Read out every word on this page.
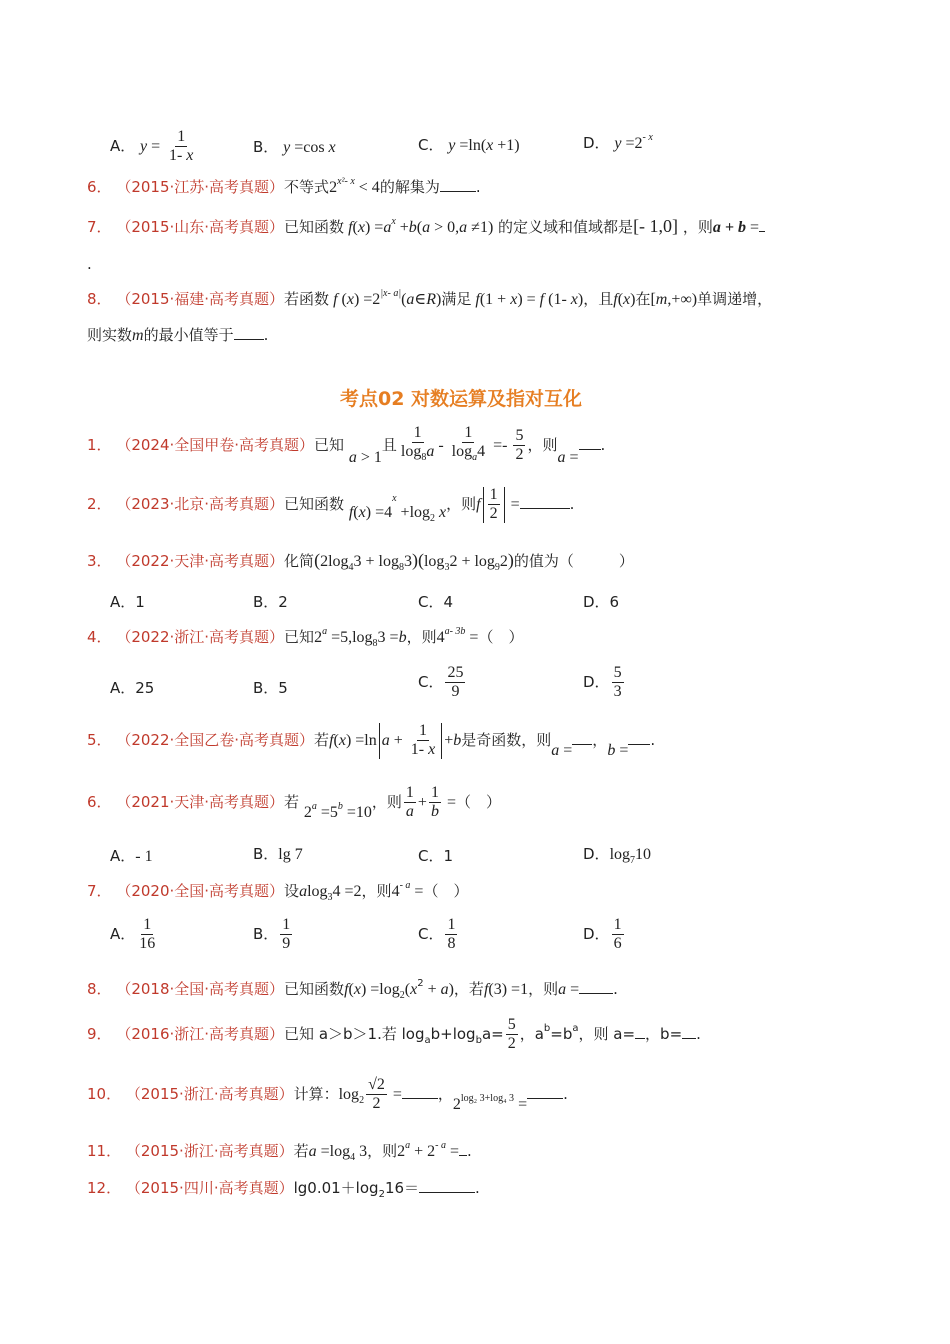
A． $y = \frac{1}{1- x}$	B． y =cos x	C． y =ln(x +1)	D． $y =2^{- x}$
6． （2015·江苏·高考真题）不等式$2^{x^2- x} < 4$的解集为 .
7． （2015·山东·高考真题）已知函数 $f(x) =a^x +b(a > 0,a \ne 1)$ 的定义域和值域都是[- 1,0] ，则a + b =
.
8． （2015·福建·高考真题）若函数 f $(x) =2^{|x- a|}(a\in R)$满足 f(1 + x) = f (1- x)，且f(x)在[m,+∞)单调递增，
则实数m的最小值等于 .
考点02 对数运算及指对互化
1． （2024·全国甲卷·高考真题）已知 a > 1且 $\frac{1}{\log_8a} - \frac{1}{\log_a4} =- \frac{5}{2}$ ，则a =.
2． （2023·北京·高考真题）已知函数 $f(x) =4^x +\log_2$ x，则f $\frac{1}{2}$ =	.
3． （2022·天津·高考真题）化简$(2\log_43 + \log_83)(\log_32 + \log_92)$的值为（　　　）
A．1	B．2	C．4	D．6
4． （2022·浙江·高考真题）已知$2^a =5,\log_83 =b$，则$4^{a- 3b}$ =（　）
A．25	B．5	C． $\frac{25}{9}$	D． $\frac{5}{3}$
5． （2022·全国乙卷·高考真题）若f(x) =ln $a + \frac{1}{1- x} +b$是奇函数，则a =，b =.
6． （2021·天津·高考真题）若 $2_a =5_b =10$，则 $\frac{1}{a} + \frac{1}{b}$ =（　）
A．- 1	B．lg 7	C．1	D．$\log_710$
7． （2020·全国·高考真题）设alog$_3$4 =2，则$4^{- a}$ =（　）
A． $\frac{1}{16}$	B． $\frac{1}{9}$	C． $\frac{1}{8}$	D． $\frac{1}{6}$
8． （2018·全国·高考真题）已知函数$f(x) =\log_2(x^2 + a)$，若f(3) =1，则a = .
9． （2016·浙江·高考真题）已知 a＞b＞1.若 $\log_ab+\log_ba= \frac{5}{2}$ ，$a^b=b^a$，则 a= ，b= .
10． （2015·浙江·高考真题）计算：$\log_2 \frac{√2}{2}$ = ，$2_{log_2 3+log_4 3}$ =.
11． （2015·浙江·高考真题）若$a =\log_4$ 3，则$2^a + 2^{- a}$ = .
12． （2015·四川·高考真题）$\lg 0.01+\log_216=$	.
